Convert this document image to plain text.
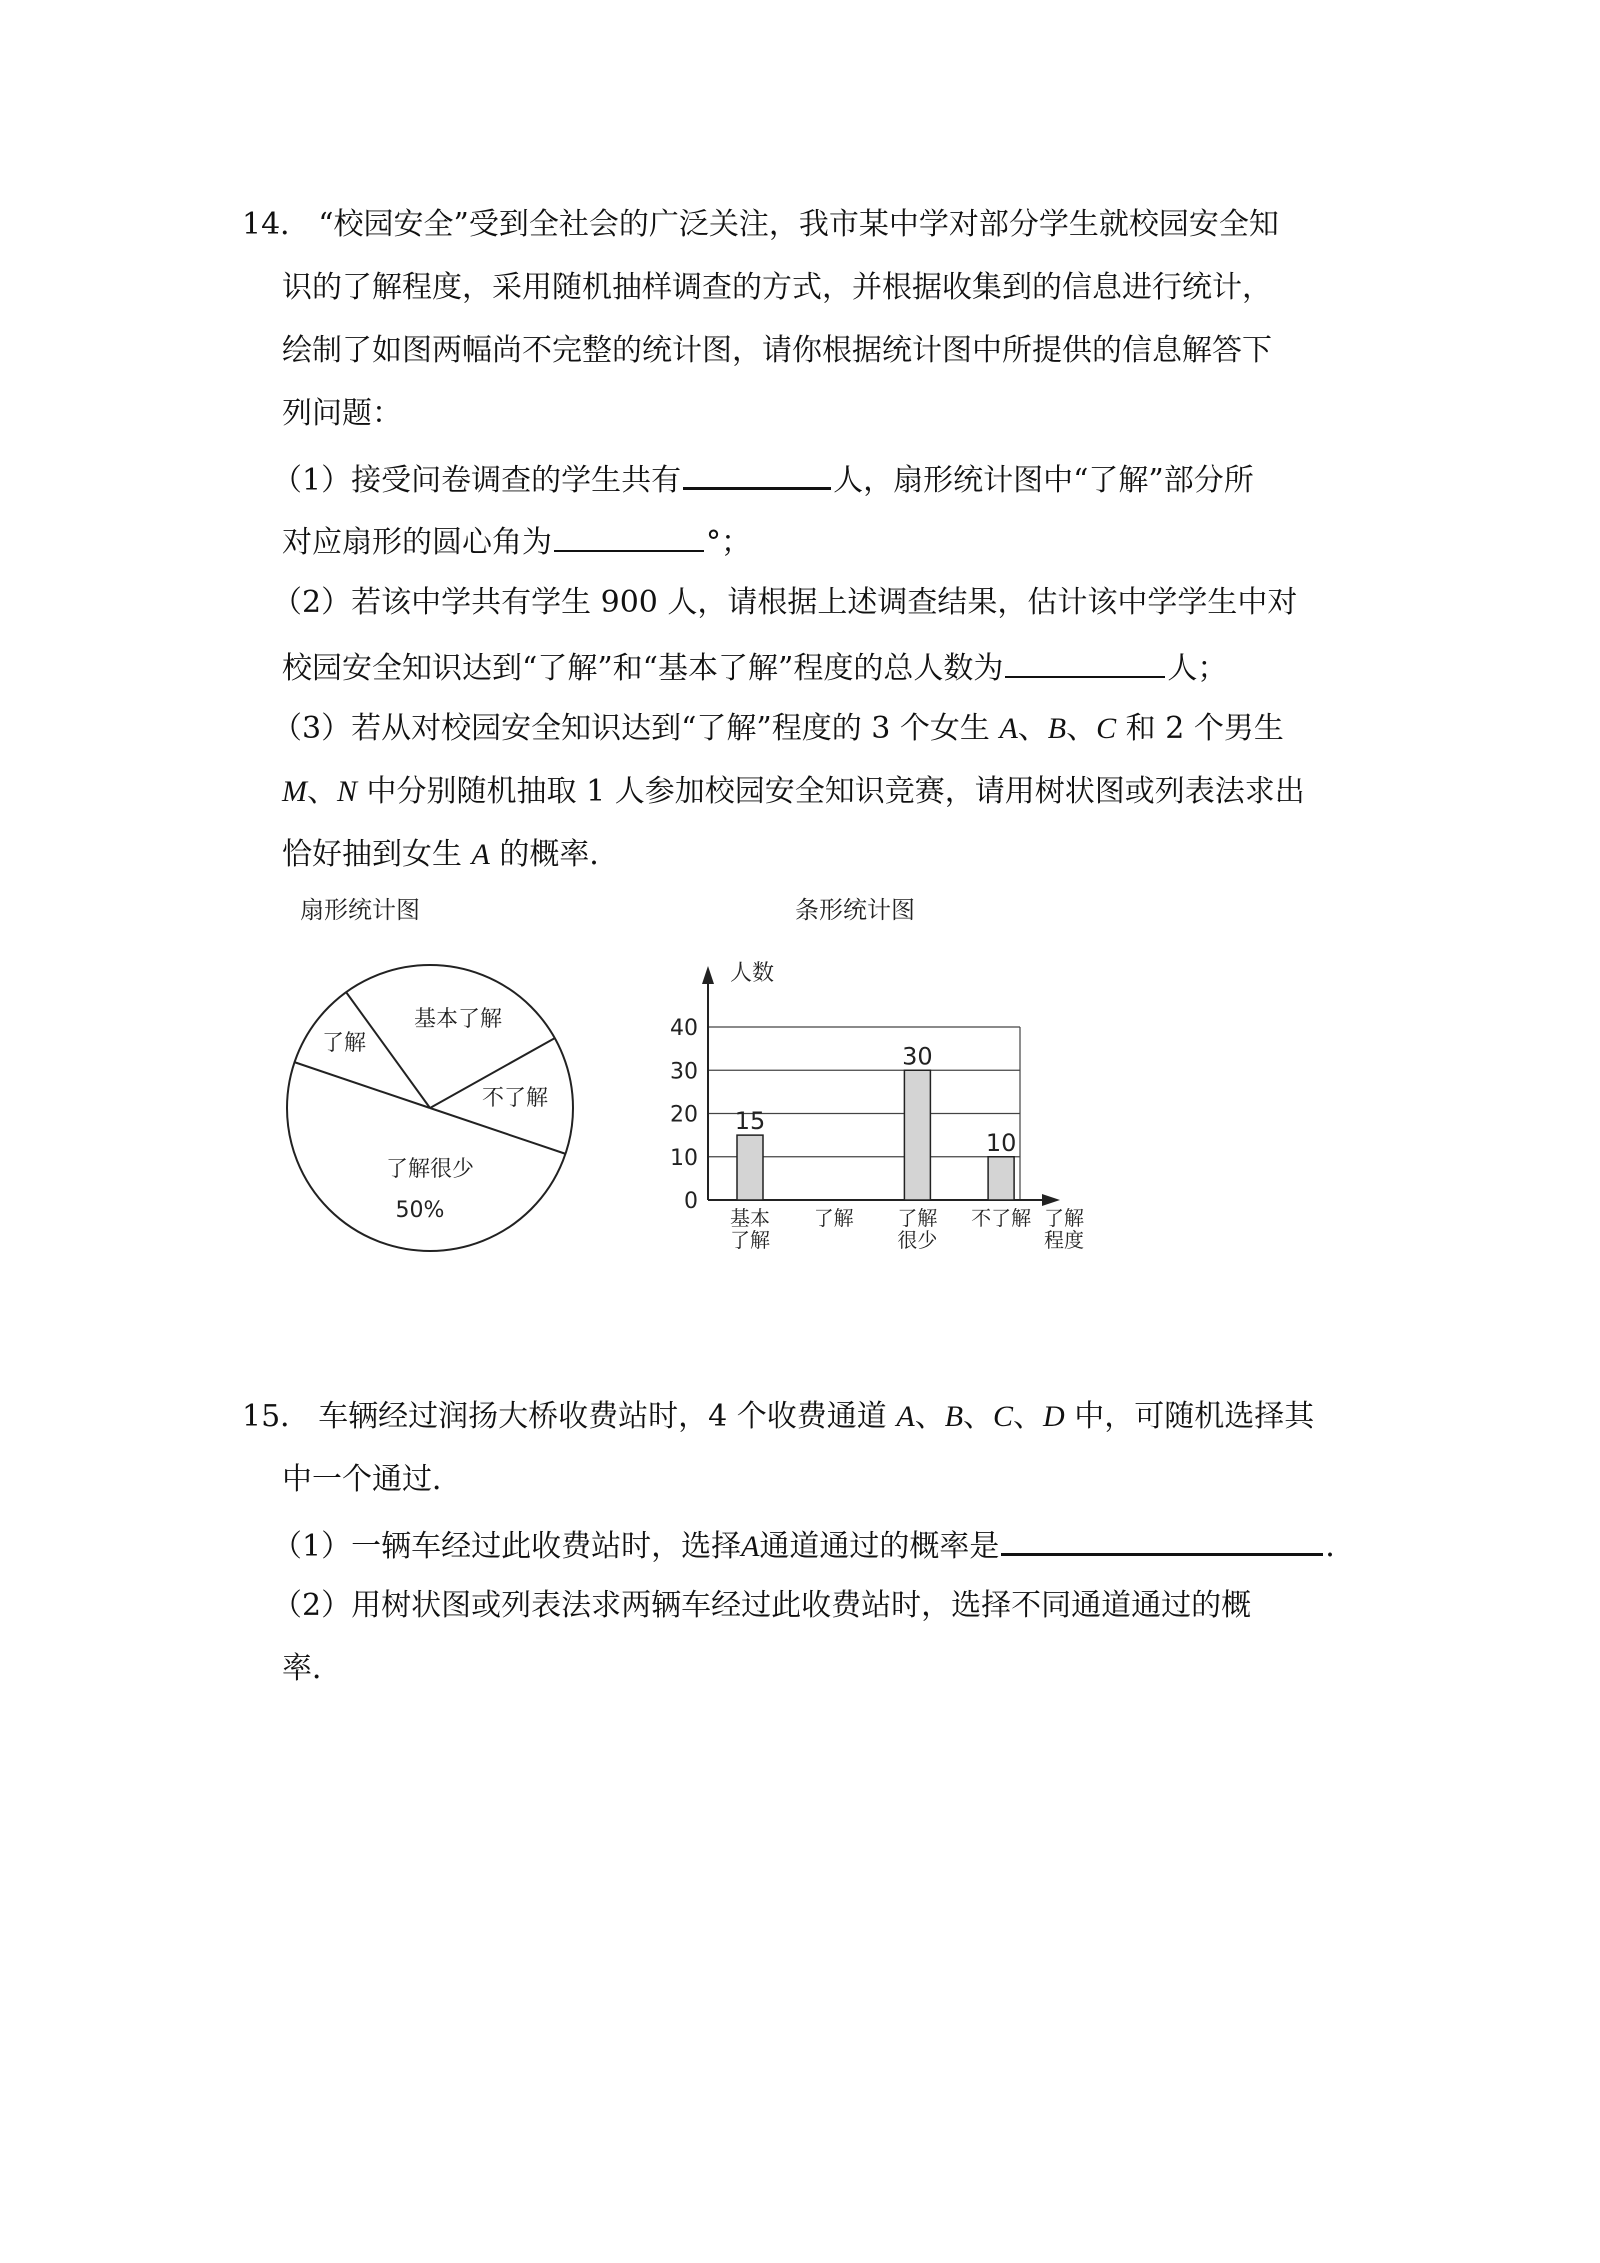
14． “校园安全”受到全社会的广泛关注，我市某中学对部分学生就校园安全知
识的了解程度，采用随机抽样调查的方式，并根据收集到的信息进行统计，
绘制了如图两幅尚不完整的统计图，请你根据统计图中所提供的信息解答下
列问题：
（1）接受问卷调查的学生共有	人，扇形统计图中“了解”部分所
对应扇形的圆心角为	°；
（2）若该中学共有学生 900 人，请根据上述调查结果，估计该中学学生中对
校园安全知识达到“了解”和“基本了解”程度的总人数为	人；
（3）若从对校园安全知识达到“了解”程度的 3 个女生 A、B、C 和 2 个男生
M、N 中分别随机抽取 1 人参加校园安全知识竞赛，请用树状图或列表法求出
恰好抽到女生 A 的概率．
扇形统计图
基本了解
了解
不了解
了解很少
50%
条形统计图
人数
0
10
20
30
40
了解
程度
15
基本
了解
了解
30
了解
很少
10
不了解
15． 车辆经过润扬大桥收费站时，4 个收费通道 A、B、C、D 中，可随机选择其
中一个通过．
（1）一辆车经过此收费站时，选择A通道通过的概率是	．
（2）用树状图或列表法求两辆车经过此收费站时，选择不同通道通过的概
率．
